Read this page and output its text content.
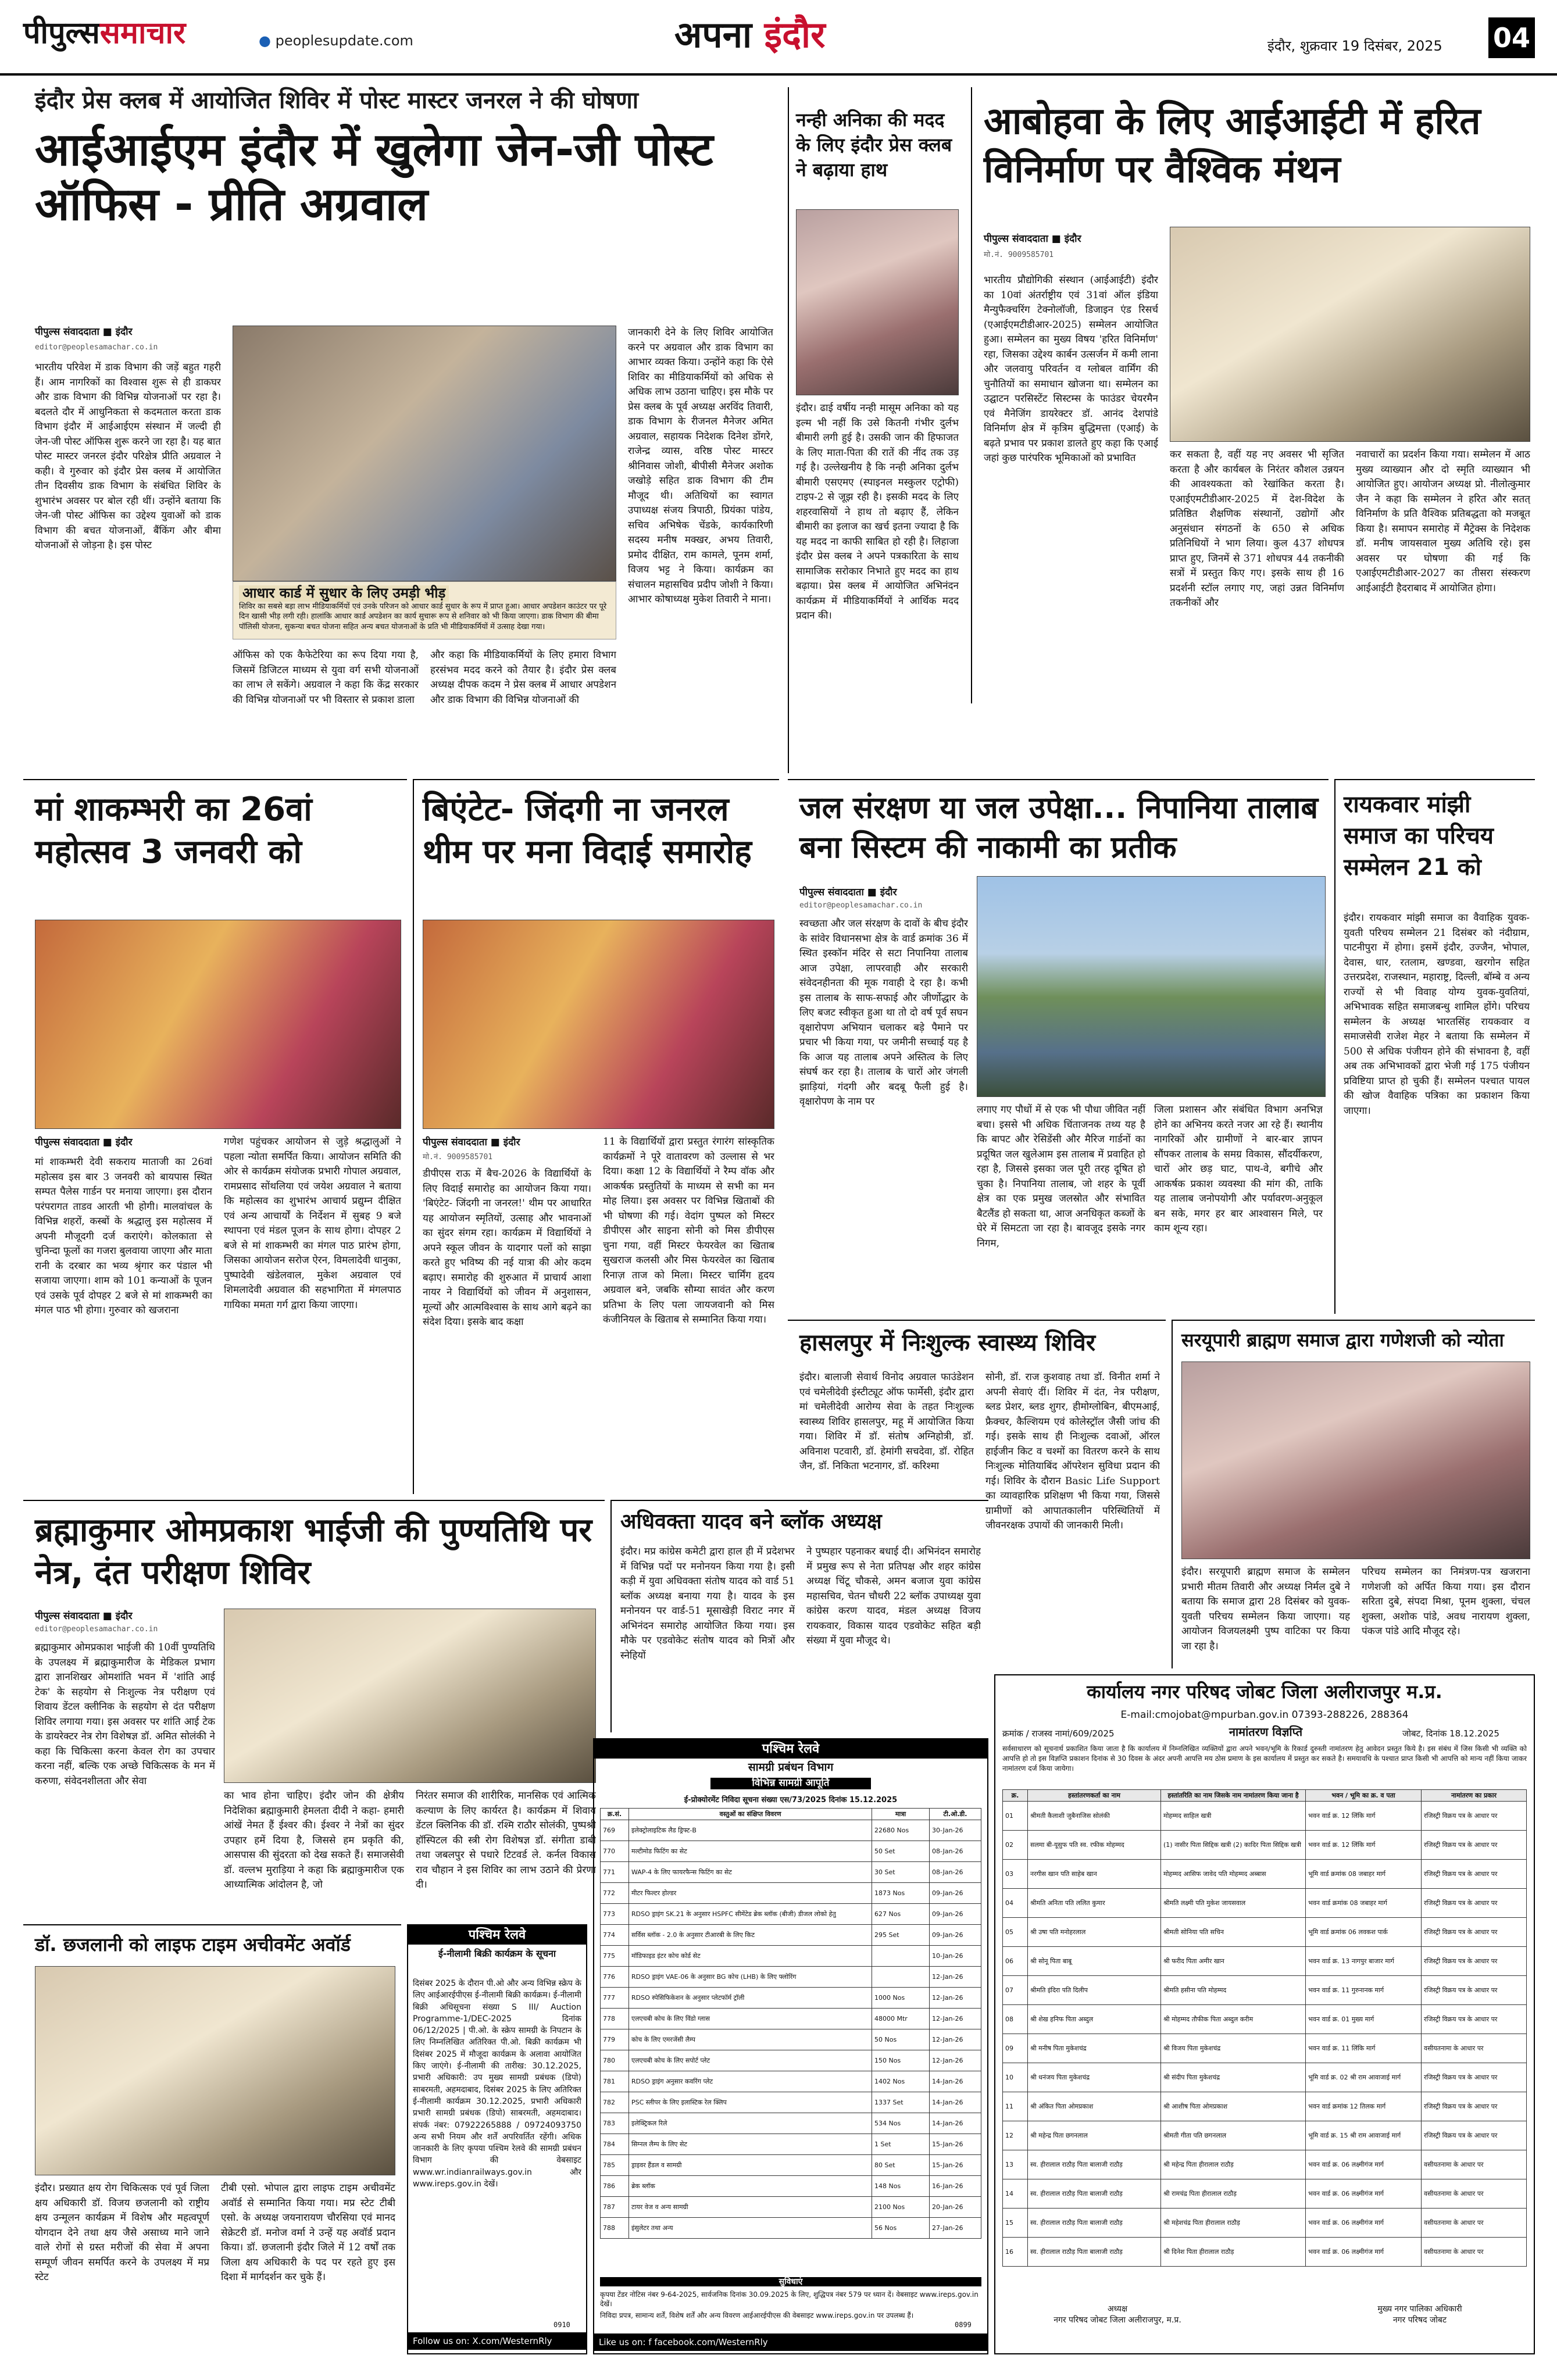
पीपुल्ससमाचार	● peoplesupdate.com	अपना इंदौर	इंदौर, शुक्रवार 19 दिसंबर, 2025 04
इंदौर प्रेस क्लब में आयोजित शिविर में पोस्ट मास्टर जनरल ने की घोषणा
आईआईएम इंदौर में खुलेगा जेन-जी पोस्ट ऑफिस - प्रीति अग्रवाल
पीपुल्स संवाददाता ■ इंदौर
editor@peoplesamachar.co.in
भारतीय परिवेश में डाक विभाग की जड़ें बहुत गहरी हैं। आम नागरिकों का विश्वास शुरू से ही डाकघर और डाक विभाग की विभिन्न योजनाओं पर रहा है। बदलते दौर में आधुनिकता से कदमताल करता डाक विभाग इंदौर में आईआईएम संस्थान में जल्दी ही जेन-जी पोस्ट ऑफिस शुरू करने जा रहा है। यह बात पोस्ट मास्टर जनरल इंदौर परिक्षेत्र प्रीति अग्रवाल ने कही। वे गुरुवार को इंदौर प्रेस क्लब में आयोजित तीन दिवसीय डाक विभाग के संबंधित शिविर के शुभारंभ अवसर पर बोल रही थीं। उन्होंने बताया कि जेन-जी पोस्ट ऑफिस का उद्देश्य युवाओं को डाक विभाग की बचत योजनाओं, बैंकिंग और बीमा योजनाओं से जोड़ना है। इस पोस्ट
आधार कार्ड में सुधार के लिए उमड़ी भीड़
शिविर का सबसे बड़ा लाभ मीडियाकर्मियों एवं उनके परिजन को आधार कार्ड सुधार के रूप में प्राप्त हुआ। आधार अपडेशन काउंटर पर पूरे दिन खासी भीड़ लगी रही। हालांकि आधार कार्ड अपडेशन का कार्य सुचारू रूप से शनिवार को भी किया जाएगा। डाक विभाग की बीमा पॉलिसी योजना, सुकन्या बचत योजना सहित अन्य बचत योजनाओं के प्रति भी मीडियाकर्मियों में उत्साह देखा गया।
ऑफिस को एक कैफेटेरिया का रूप दिया गया है, जिसमें डिजिटल माध्यम से युवा वर्ग सभी योजनाओं का लाभ ले सकेंगे। अग्रवाल ने कहा कि केंद्र सरकार की विभिन्न योजनाओं पर भी विस्तार से प्रकाश डाला
और कहा कि मीडियाकर्मियों के लिए हमारा विभाग हरसंभव मदद करने को तैयार है। इंदौर प्रेस क्लब अध्यक्ष दीपक कदम ने प्रेस क्लब में आधार अपडेशन और डाक विभाग की विभिन्न योजनाओं की
जानकारी देने के लिए शिविर आयोजित करने पर अग्रवाल और डाक विभाग का आभार व्यक्त किया। उन्होंने कहा कि ऐसे शिविर का मीडियाकर्मियों को अधिक से अधिक लाभ उठाना चाहिए। इस मौके पर प्रेस क्लब के पूर्व अध्यक्ष अरविंद तिवारी, डाक विभाग के रीजनल मैनेजर अमित अग्रवाल, सहायक निदेशक दिनेश डोंगरे, राजेन्द्र व्यास, वरिष्ठ पोस्ट मास्टर श्रीनिवास जोशी, बीपीसी मैनेजर अशोक जखोड़े सहित डाक विभाग की टीम मौजूद थी। अतिथियों का स्वागत उपाध्यक्ष संजय त्रिपाठी, प्रियंका पांडेय, सचिव अभिषेक चेंडके, कार्यकारिणी सदस्य मनीष मक्खर, अभय तिवारी, प्रमोद दीक्षित, राम कामले, पूनम शर्मा, विजय भट्ट ने किया। कार्यक्रम का संचालन महासचिव प्रदीप जोशी ने किया। आभार कोषाध्यक्ष मुकेश तिवारी ने माना।
नन्ही अनिका की मदद के लिए इंदौर प्रेस क्लब ने बढ़ाया हाथ
इंदौर। ढाई वर्षीय नन्ही मासूम अनिका को यह इल्म भी नहीं कि उसे कितनी गंभीर दुर्लभ बीमारी लगी हुई है। उसकी जान की हिफाजत के लिए माता-पिता की रातें की नींद तक उड़ गई है। उल्लेखनीय है कि नन्ही अनिका दुर्लभ बीमारी एसएमए (स्पाइनल मस्कुलर एट्रोफी) टाइप-2 से जूझ रही है। इसकी मदद के लिए शहरवासियों ने हाथ तो बढ़ाए हैं, लेकिन बीमारी का इलाज का खर्च इतना ज्यादा है कि यह मदद ना काफी साबित हो रही है। लिहाजा इंदौर प्रेस क्लब ने अपने पत्रकारिता के साथ सामाजिक सरोकार निभाते हुए मदद का हाथ बढ़ाया। प्रेस क्लब में आयोजित अभिनंदन कार्यक्रम में मीडियाकर्मियों ने आर्थिक मदद प्रदान की।
आबोहवा के लिए आईआईटी में हरित विनिर्माण पर वैश्विक मंथन
पीपुल्स संवाददाता ■ इंदौर
मो.नं. 9009585701
भारतीय प्रौद्योगिकी संस्थान (आईआईटी) इंदौर का 10वां अंतर्राष्ट्रीय एवं 31वां ऑल इंडिया मैन्युफैक्चरिंग टेक्नोलॉजी, डिजाइन एंड रिसर्च (एआईएमटीडीआर-2025) सम्मेलन आयोजित हुआ। सम्मेलन का मुख्य विषय 'हरित विनिर्माण' रहा, जिसका उद्देश्य कार्बन उत्सर्जन में कमी लाना और जलवायु परिवर्तन व ग्लोबल वार्मिंग की चुनौतियों का समाधान खोजना था। सम्मेलन का उद्घाटन परसिस्टेंट सिस्टम्स के फाउंडर चेयरमैन एवं मैनेजिंग डायरेक्टर डॉ. आनंद देशपांडे विनिर्माण क्षेत्र में कृत्रिम बुद्धिमत्ता (एआई) के बढ़ते प्रभाव पर प्रकाश डालते हुए कहा कि एआई जहां कुछ पारंपरिक भूमिकाओं को प्रभावित	कर सकता है, वहीं यह नए अवसर भी सृजित करता है और कार्यबल के निरंतर कौशल उन्नयन की आवश्यकता को रेखांकित करता है। एआईएमटीडीआर-2025 में देश-विदेश के प्रतिष्ठित शैक्षणिक संस्थानों, उद्योगों और अनुसंधान संगठनों के 650 से अधिक प्रतिनिधियों ने भाग लिया। कुल 437 शोधपत्र प्राप्त हुए, जिनमें से 371 शोधपत्र 44 तकनीकी सत्रों में प्रस्तुत किए गए। इसके साथ ही 16 प्रदर्शनी स्टॉल लगाए गए, जहां उन्नत विनिर्माण तकनीकों और
नवाचारों का प्रदर्शन किया गया। सम्मेलन में आठ मुख्य व्याख्यान और दो स्मृति व्याख्यान भी आयोजित हुए। आयोजन अध्यक्ष प्रो. नीलोत्कुमार जैन ने कहा कि सम्मेलन ने हरित और सतत् विनिर्माण के प्रति वैश्विक प्रतिबद्धता को मजबूत किया है। समापन समारोह में मैट्रेक्स के निदेशक डॉ. मनीष जायसवाल मुख्य अतिथि रहे। इस अवसर पर घोषणा की गई कि एआईएमटीडीआर-2027 का तीसरा संस्करण आईआईटी हैदराबाद में आयोजित होगा।
जल संरक्षण या जल उपेक्षा... निपानिया तालाब बना सिस्टम की नाकामी का प्रतीक
पीपुल्स संवाददाता ■ इंदौर
editor@peoplesamachar.co.in
स्वच्छता और जल संरक्षण के दावों के बीच इंदौर के सांवेर विधानसभा क्षेत्र के वार्ड क्रमांक 36 में स्थित इस्कॉन मंदिर से सटा निपानिया तालाब आज उपेक्षा, लापरवाही और सरकारी संवेदनहीनता की मूक गवाही दे रहा है। कभी इस तालाब के साफ-सफाई और जीर्णोद्धार के लिए बजट स्वीकृत हुआ था तो दो वर्ष पूर्व सघन वृक्षारोपण अभियान चलाकर बड़े पैमाने पर प्रचार भी किया गया, पर जमीनी सच्चाई यह है कि आज यह तालाब अपने अस्तित्व के लिए संघर्ष कर रहा है। तालाब के चारों ओर जंगली झाड़ियां, गंदगी और बदबू फैली हुई है। वृक्षारोपण के नाम पर
लगाए गए पौधों में से एक भी पौधा जीवित नहीं बचा। इससे भी अधिक चिंताजनक तथ्य यह है कि बापट और रेसिडेंसी और मैरिज गार्डनों का प्रदूषित जल खुलेआम इस तालाब में प्रवाहित हो रहा है, जिससे इसका जल पूरी तरह दूषित हो चुका है। निपानिया तालाब, जो शहर के पूर्वी क्षेत्र का एक प्रमुख जलस्रोत और संभावित बैटलैंड हो सकता था, आज अनधिकृत कब्जों के घेरे में सिमटता जा रहा है। बावजूद इसके नगर निगम,
जिला प्रशासन और संबंधित विभाग अनभिज्ञ होने का अभिनय करते नजर आ रहे हैं। स्थानीय नागरिकों और ग्रामीणों ने बार-बार ज्ञापन सौंपकर तालाब के समग्र विकास, सौंदर्यीकरण, चारों ओर छड़ घाट, पाथ-वे, बगीचे और आकर्षक प्रकाश व्यवस्था की मांग की, ताकि यह तालाब जनोपयोगी और पर्यावरण-अनुकूल बन सके, मगर हर बार आश्वासन मिले, पर काम शून्य रहा।
रायकवार मांझी समाज का परिचय सम्मेलन 21 को
इंदौर। रायकवार मांझी समाज का वैवाहिक युवक-युवती परिचय सम्मेलन 21 दिसंबर को नंदीग्राम, पाटनीपुरा में होगा। इसमें इंदौर, उज्जैन, भोपाल, देवास, धार, रतलाम, खण्डवा, खरगोन सहित उत्तरप्रदेश, राजस्थान, महाराष्ट्र, दिल्ली, बॉम्बे व अन्य राज्यों से भी विवाह योग्य युवक-युवतियां, अभिभावक सहित समाजबन्धु शामिल होंगे। परिचय सम्मेलन के अध्यक्ष भारतसिंह रायकवार व समाजसेवी राजेश मेहर ने बताया कि सम्मेलन में 500 से अधिक पंजीयन होने की संभावना है, वहीं अब तक अभिभावकों द्वारा भेजी गई 175 पंजीयन प्रविष्टिया प्राप्त हो चुकी हैं। सम्मेलन पश्चात पायल की खोज वैवाहिक पत्रिका का प्रकाशन किया जाएगा।
मां शाकम्भरी का 26वां महोत्सव 3 जनवरी को
पीपुल्स संवाददाता ■ इंदौर
मां शाकम्भरी देवी सकराय माताजी का 26वां महोत्सव इस बार 3 जनवरी को बायपास स्थित सम्पत पैलेस गार्डन पर मनाया जाएगा। इस दौरान परंपरागत ताडव आरती भी होगी। मालवांचल के विभिन्न शहरों, कस्बों के श्रद्धालु इस महोत्सव में अपनी मौजूदगी दर्ज कराएंगे। कोलकाता से चुनिन्दा फूलों का गजरा बुलवाया जाएगा और माता रानी के दरबार का भव्य श्रृंगार कर पंडाल भी सजाया जाएगा। शाम को 101 कन्याओं के पूजन एवं उसके पूर्व दोपहर 2 बजे से मां शाकम्भरी का मंगल पाठ भी होगा। गुरुवार को खजराना
गणेश पहुंचकर आयोजन से जुड़े श्रद्धालुओं ने पहला न्योता समर्पित किया। आयोजन समिति की ओर से कार्यक्रम संयोजक प्रभारी गोपाल अग्रवाल, रामप्रसाद सोंथलिया एवं जयेश अग्रवाल ने बताया कि महोत्सव का शुभारंभ आचार्य प्रद्युम्न दीक्षित एवं अन्य आचार्यों के निर्देशन में सुबह 9 बजे स्थापना एवं मंडल पूजन के साथ होगा। दोपहर 2 बजे से मां शाकम्भरी का मंगल पाठ प्रारंभ होगा, जिसका आयोजन सरोज ऐरन, विमलादेवी धानुका, पुष्पादेवी खंडेलवाल, मुकेश अग्रवाल एवं शिमलादेवी अग्रवाल की सहभागिता में मंगलपाठ गायिका ममता गर्ग द्वारा किया जाएगा।
बिएंटेट- जिंदगी ना जनरल थीम पर मना विदाई समारोह
पीपुल्स संवाददाता ■ इंदौर
मो.नं. 9009585701
डीपीएस राऊ में बैच-2026 के विद्यार्थियों के लिए विदाई समारोह का आयोजन किया गया। 'बिएंटेट- जिंदगी ना जनरल!' थीम पर आधारित यह आयोजन स्मृतियों, उत्साह और भावनाओं का सुंदर संगम रहा। कार्यक्रम में विद्यार्थियों ने अपने स्कूल जीवन के यादगार पलों को साझा करते हुए भविष्य की नई यात्रा की ओर कदम बढ़ाए। समारोह की शुरुआत में प्राचार्य आशा नायर ने विद्यार्थियों को जीवन में अनुशासन, मूल्यों और आत्मविश्वास के साथ आगे बढ़ने का संदेश दिया। इसके बाद कक्षा
11 के विद्यार्थियों द्वारा प्रस्तुत रंगारंग सांस्कृतिक कार्यक्रमों ने पूरे वातावरण को उल्लास से भर दिया। कक्षा 12 के विद्यार्थियों ने रैम्प वॉक और आकर्षक प्रस्तुतियों के माध्यम से सभी का मन मोह लिया। इस अवसर पर विभिन्न खिताबों की भी घोषणा की गई। वेदांग पुष्पल को मिस्टर डीपीएस और साइना सोनी को मिस डीपीएस चुना गया, वहीं मिस्टर फेयरवेल का खिताब सुखराज कलसी और मिस फेयरवेल का खिताब रिनाज़ ताज को मिला। मिस्टर चार्मिंग हृदय अग्रवाल बने, जबकि सौम्या सावंत और करण प्रतिभा के लिए पला जायजवानी को मिस कंजीनियल के खिताब से सम्मानित किया गया।
हासलपुर में निःशुल्क स्वास्थ्य शिविर
इंदौर। बालाजी सेवार्थ विनोद अग्रवाल फाउंडेशन एवं चमेलीदेवी इंस्टीट्यूट ऑफ फार्मेसी, इंदौर द्वारा मां चमेलीदेवी आरोग्य सेवा के तहत निःशुल्क स्वास्थ्य शिविर हासलपुर, महू में आयोजित किया गया। शिविर में डॉ. संतोष अग्निहोत्री, डॉ. अविनाश पटवारी, डॉ. हेमांगी सचदेवा, डॉ. रोहित जैन, डॉ. निकिता भटनागर, डॉ. करिश्मा
सोनी, डॉ. राज कुशवाह तथा डॉ. विनीत शर्मा ने अपनी सेवाएं दीं। शिविर में दंत, नेत्र परीक्षण, ब्लड प्रेशर, ब्लड शुगर, हीमोग्लोबिन, बीएमआई, फ्रैक्चर, कैल्शियम एवं कोलेस्ट्रॉल जैसी जांच की गई। इसके साथ ही निःशुल्क दवाओं, ऑरल हाईजीन किट व चश्मों का वितरण करने के साथ निःशुल्क मोतियाबिंद ऑपरेशन सुविधा प्रदान की गई। शिविर के दौरान Basic Life Support का व्यावहारिक प्रशिक्षण भी किया गया, जिससे ग्रामीणों को आपातकालीन परिस्थितियों में जीवनरक्षक उपायों की जानकारी मिली।
सरयूपारी ब्राह्मण समाज द्वारा गणेशजी को न्योता
इंदौर। सरयूपारी ब्राह्मण समाज के सम्मेलन प्रभारी मीतम तिवारी और अध्यक्ष निर्मल दुबे ने बताया कि समाज द्वारा 28 दिसंबर को युवक-युवती परिचय सम्मेलन किया जाएगा। यह आयोजन विजयलक्ष्मी पुष्प वाटिका पर किया जा रहा है।
परिचय सम्मेलन का निमंत्रण-पत्र खजराना गणेशजी को अर्पित किया गया। इस दौरान सरिता दुबे, संपदा मिश्रा, पूनम शुक्ला, चंचल शुक्ला, अशोक पांडे, अवध नारायण शुक्ला, पंकज पांडे आदि मौजूद रहे।
ब्रह्माकुमार ओमप्रकाश भाईजी की पुण्यतिथि पर नेत्र, दंत परीक्षण शिविर
पीपुल्स संवाददाता ■ इंदौर
editor@peoplesamachar.co.in
ब्रह्माकुमार ओमप्रकाश भाईजी की 10वीं पुण्यतिथि के उपलक्ष्य में ब्रह्माकुमारीज के मेडिकल प्रभाग द्वारा ज्ञानशिखर ओमशांति भवन में 'शांति आई टेक' के सहयोग से निःशुल्क नेत्र परीक्षण एवं शिवाय डेंटल क्लीनिक के सहयोग से दंत परीक्षण शिविर लगाया गया। इस अवसर पर शांति आई टेक के डायरेक्टर नेत्र रोग विशेषज्ञ डॉ. अमित सोलंकी ने कहा कि चिकित्सा करना केवल रोग का उपचार करना नहीं, बल्कि एक अच्छे चिकित्सक के मन में करुणा, संवेदनशीलता और सेवा
का भाव होना चाहिए। इंदौर जोन की क्षेत्रीय निदेशिका ब्रह्माकुमारी हेमलता दीदी ने कहा- हमारी आंखें नेमत हैं ईश्वर की। ईश्वर ने नेत्रों का सुंदर उपहार हमें दिया है, जिससे हम प्रकृति की, आसपास की सुंदरता को देख सकते हैं। समाजसेवी डॉ. वल्लभ मुराड़िया ने कहा कि ब्रह्माकुमारीज एक आध्यात्मिक आंदोलन है, जो
निरंतर समाज की शारीरिक, मानसिक एवं आत्मिक कल्याण के लिए कार्यरत है। कार्यक्रम में शिवाय डेंटल क्लिनिक की डॉ. रश्मि राठौर सोलंकी, पुष्पश्री हॉस्पिटल की स्त्री रोग विशेषज्ञ डॉ. संगीता डाबी तथा जबलपुर से पधारे टिटवर्ड ले. कर्नल विकास राव चौहान ने इस शिविर का लाभ उठाने की प्रेरणा दी।
अधिवक्ता यादव बने ब्लॉक अध्यक्ष
इंदौर। मप्र कांग्रेस कमेटी द्वारा हाल ही में प्रदेशभर में विभिन्न पदों पर मनोनयन किया गया है। इसी कड़ी में युवा अधिवक्ता संतोष यादव को वार्ड 51 ब्लॉक अध्यक्ष बनाया गया है। यादव के इस मनोनयन पर वार्ड-51 मूसाखेड़ी विराट नगर में अभिनंदन समारोह आयोजित किया गया। इस मौके पर एडवोकेट संतोष यादव को मित्रों और स्नेहियों
ने पुष्पहार पहनाकर बधाई दी। अभिनंदन समारोह में प्रमुख रूप से नेता प्रतिपक्ष और शहर कांग्रेस अध्यक्ष चिंटू चौकसे, अमन बजाज युवा कांग्रेस महासचिव, चेतन चौधरी 22 ब्लॉक उपाध्यक्ष युवा कांग्रेस करण यादव, मंडल अध्यक्ष विजय रायकवार, विकास यादव एडवोकेट सहित बड़ी संख्या में युवा मौजूद थे।
डॉ. छजलानी को लाइफ टाइम अचीवमेंट अवॉर्ड
इंदौर। प्रख्यात क्षय रोग चिकित्सक एवं पूर्व जिला क्षय अधिकारी डॉ. विजय छजलानी को राष्ट्रीय क्षय उन्मूलन कार्यक्रम में विशेष और महत्वपूर्ण योगदान देने तथा क्षय जैसे असाध्य माने जाने वाले रोगों से ग्रस्त मरीजों की सेवा में अपना सम्पूर्ण जीवन समर्पित करने के उपलक्ष्य में मप्र स्टेट
टीबी एसो. भोपाल द्वारा लाइफ टाइम अचीवमेंट अवॉर्ड से सम्मानित किया गया। मप्र स्टेट टीबी एसो. के अध्यक्ष जयनारायण चौरसिया एवं मानद सेक्रेटरी डॉ. मनोज वर्मा ने उन्हें यह अवॉर्ड प्रदान किया। डॉ. छजलानी इंदौर जिले में 12 वर्षों तक जिला क्षय अधिकारी के पद पर रहते हुए इस दिशा में मार्गदर्शन कर चुके हैं।
पश्चिम रेलवे
ई-नीलामी बिक्री कार्यक्रम के सूचना
दिसंबर 2025 के दौरान पी.ओ और अन्य विभिन्न स्क्रेप के लिए आईआरईपीएस ई-नीलामी बिक्री कार्यक्रम। ई-नीलामी बिक्री अधिसूचना संख्या S III/ Auction Programme-1/DEC-2025 दिनांक 06/12/2025 | पी.ओ. के स्क्रेप सामग्री के निपटान के लिए निम्नलिखित अतिरिक्त पी.ओ. बिक्री कार्यक्रम भी दिसंबर 2025 में मौजूदा कार्यक्रम के अलावा आयोजित किए जाएंगे। ई-नीलामी की तारीख: 30.12.2025, प्रभारी अधिकारी: उप मुख्य सामग्री प्रबंधक (डिपो) साबरमती, अहमदाबाद, दिसंबर 2025 के लिए अतिरिक्त ई-नीलामी कार्यक्रम 30.12.2025, प्रभारी अधिकारी प्रभारी सामग्री प्रबंधक (डिपो) साबरमती, अहमदाबाद। संपर्क नंबर: 07922265888 / 09724093750 अन्य सभी नियम और शर्तें अपरिवर्तित रहेंगी। अधिक जानकारी के लिए कृपया पश्चिम रेलवे की सामग्री प्रबंधन विभाग की वेबसाइट www.wr.indianrailways.gov.in और www.ireps.gov.in देखें।
0910
Follow us on: X.com/WesternRly
पश्चिम रेलवे
सामग्री प्रबंधन विभाग
विभिन्न सामग्री आपूर्ति
ई-प्रोक्योरमेंट निविदा सूचना संख्या एस/73/2025 दिनांक 15.12.2025
क्र.सं.	वस्तुओं का संक्षिप्त विवरण	मात्रा	टी.ओ.डी.
769	इलेक्ट्रोलाइटिक लैड ड्रिफ्ट-B	22680 Nos	30-Jan-26
770	मल्टीमोड फिटिंग का सेट	50 Set	08-Jan-26
771	WAP-4 के लिए फायरफैन्स फिटिंग का सेट	30 Set	08-Jan-26
772	मीटर फिल्टर होल्डर	1873 Nos	09-Jan-26
773	RDSO ड्राइंग SK.21 के अनुसार HSPFC सीमेंटेड ब्रेक ब्लॉक (बीजी) डीजल लोको हेतु	627 Nos	09-Jan-26
774	सर्विस ब्लॉक - 2.0 के अनुसार टीआरबी के लिए किट	295 Set	09-Jan-26
775	मॉडिफाइड इंटर कोच कोर्ड सेट		10-Jan-26
776	RDSO ड्राइंग VAE-06 के अनुसार BG कोच (LHB) के लिए फ्लोरिंग		12-Jan-26
777	RDSO स्पेसिफिकेशन के अनुसार प्लेटफॉर्म ट्रॉली	1000 Nos	12-Jan-26
778	एलएचबी कोच के लिए विंडो ग्लास	48000 Mtr	12-Jan-26
779	कोच के लिए एमरजेंसी लैम्प	50 Nos	12-Jan-26
780	एलएचबी कोच के लिए सपोर्ट प्लेट	150 Nos	12-Jan-26
781	RDSO ड्राइंग अनुसार कवरिंग प्लेट	1402 Nos	14-Jan-26
782	PSC स्लीपर के लिए इलास्टिक रेल क्लिप	1337 Set	14-Jan-26
783	इलेक्ट्रिकल रिले	534 Nos	14-Jan-26
784	सिग्नल लैम्प के लिए सेट	1 Set	15-Jan-26
785	ड्राइवर हैंडल व सामग्री	80 Set	15-Jan-26
786	ब्रेक ब्लॉक	148 Nos	16-Jan-26
787	टायर वेज व अन्य सामग्री	2100 Nos	20-Jan-26
788	इंसुलेटर तथा अन्य	56 Nos	27-Jan-26
सुविधाएं
कृपया टेंडर नोटिस नंबर 9-64-2025, सार्वजनिक दिनांक 30.09.2025 के लिए, शुद्धिपत्र नंबर 579 पर ध्यान दें। वेबसाइट www.ireps.gov.in देखें।
निविदा प्रपत्र, सामान्य शर्तें, विशेष शर्तें और अन्य विवरण आईआरईपीएस की वेबसाइट www.ireps.gov.in पर उपलब्ध हैं।
0899
Like us on: f facebook.com/WesternRly
कार्यालय नगर परिषद जोबट जिला अलीराजपुर म.प्र.
E-mail:cmojobat@mpurban.gov.in 07393-288226, 288364
क्रमांक / राजस्व नामां/609/2025	नामांतरण विज्ञप्ति	जोबट, दिनांक 18.12.2025
सर्वसाधारण को सूचनार्थ प्रकाशित किया जाता है कि कार्यालय में निम्नलिखित व्यक्तियों द्वारा अपने भवन/भूमि के रिकार्ड दुरुस्ती नामांतरण हेतु आवेदन प्रस्तुत किये है। इस संबंध में जिस किसी भी व्यक्ति को आपत्ति हो तो इस विज्ञप्ति प्रकाशन दिनांक से 30 दिवस के अंदर अपनी आपत्ति मय ठोस प्रमाण के इस कार्यालय में प्रस्तुत कर सकते है। समयावधि के पश्चात प्राप्त किसी भी आपत्ति को मान्य नहीं किया जाकर नामांतरण दर्ज किया जायेगा।
क्र.	हस्तांतरणकर्ता का नाम	हस्तांतरिति का नाम जिसके नाम नामांतरण किया जाना है	भवन / भूमि का क्र. व पता	नामांतरण का प्रकार
01	श्रीमती कैलाशी जुबैनाजिस सोलंकी	मोहम्मद साहिल खत्री	भवन वार्ड क्र. 12 लिंकि मार्ग	रजिस्ट्री विक्रय पत्र के आधार पर
02	सलमा बी-यूसुफ पति स्व. रफीक मोहम्मद	(1) नासीर पिता सिद्दिक खत्री (2) कादिर पिता सिद्दिक खत्री	भवन वार्ड क्र. 12 लिंकि मार्ग	रजिस्ट्री विक्रय पत्र के आधार पर
03	नरगीस खान पति साहेब खान	मोहम्मद आसिफ जावेद पति मोहम्मद अब्बास	भूमि वार्ड क्रमांक 08 जबाहर मार्ग	रजिस्ट्री विक्रय पत्र के आधार पर
04	श्रीमति अनिता पति ललित कुमार	श्रीमति लक्ष्मी पति मुकेश जायसवाल	भवन वार्ड क्रमांक 08 जबाहर मार्ग	रजिस्ट्री विक्रय पत्र के आधार पर
05	श्री उषा पति मनोहरलाल	श्रीमती सोनिया पति सचिन	भूमि वार्ड क्रमांक 06 लवकश पार्क	रजिस्ट्री विक्रय पत्र के आधार पर
06	श्री सोनू पिता बाबू	श्री फरीद पिता अमीर खान	भवन वार्ड क्र. 13 नागपुर बाजार मार्ग	रजिस्ट्री विक्रय पत्र के आधार पर
07	श्रीमति इंदिरा पति दिलीप	श्रीमति हसीना पति मोहम्मद	भवन वार्ड क्र. 11 गुरुनानक मार्ग	रजिस्ट्री विक्रय पत्र के आधार पर
08	श्री शेख हनिफ पिता अब्दुल	श्री मोहम्मद तौफीक पिता अब्दुल करीम	भवन वार्ड क्र. 01 मुख्य मार्ग	रजिस्ट्री विक्रय पत्र के आधार पर
09	श्री मनीष पिता मुकेशचंद्र	श्री विजय पिता मुकेशचंद्र	भवन वार्ड क्र. 11 लिंकि मार्ग	वसीयतनामा के आधार पर
10	श्री धनंजय पिता मुकेशचंद्र	श्री संदीप पिता मुकेशचंद्र	भूमि वार्ड क्र. 02 श्री राम आवाजाई मार्ग	रजिस्ट्री विक्रय पत्र के आधार पर
11	श्री अंकित पिता ओमप्रकाश	श्री आशीष पिता ओमप्रकाश	भवन वार्ड क्रमांक 12 तिलक मार्ग	रजिस्ट्री विक्रय पत्र के आधार पर
12	श्री महेन्द्र पिता छगनलाल	श्रीमती गीता पति छगनलाल	भूमि वार्ड क्र. 15 श्री राम आवाजाई मार्ग	रजिस्ट्री विक्रय पत्र के आधार पर
13	स्व. हीरालाल राठौड़ पिता बालाजी राठौड़	श्री महेन्द्र पिता हीरालाल राठौड़	भवन वार्ड क्र. 06 लक्ष्मीगंज मार्ग	वसीयतनामा के आधार पर
14	स्व. हीरालाल राठौड़ पिता बालाजी राठौड़	श्री रामचंद्र पिता हीरालाल राठौड़	भवन वार्ड क्र. 06 लक्ष्मीगंज मार्ग	वसीयतनामा के आधार पर
15	स्व. हीरालाल राठौड़ पिता बालाजी राठौड़	श्री महेशचंद्र पिता हीरालाल राठौड़	भवन वार्ड क्र. 06 लक्ष्मीगंज मार्ग	वसीयतनामा के आधार पर
16	स्व. हीरालाल राठौड़ पिता बालाजी राठौड़	श्री दिनेश पिता हीरालाल राठौड़	भवन वार्ड क्र. 06 लक्ष्मीगंज मार्ग	वसीयतनामा के आधार पर
अध्यक्ष
नगर परिषद जोबट जिला अलीराजपुर, म.प्र.
मुख्य नगर पालिका अधिकारी
नगर परिषद जोबट
